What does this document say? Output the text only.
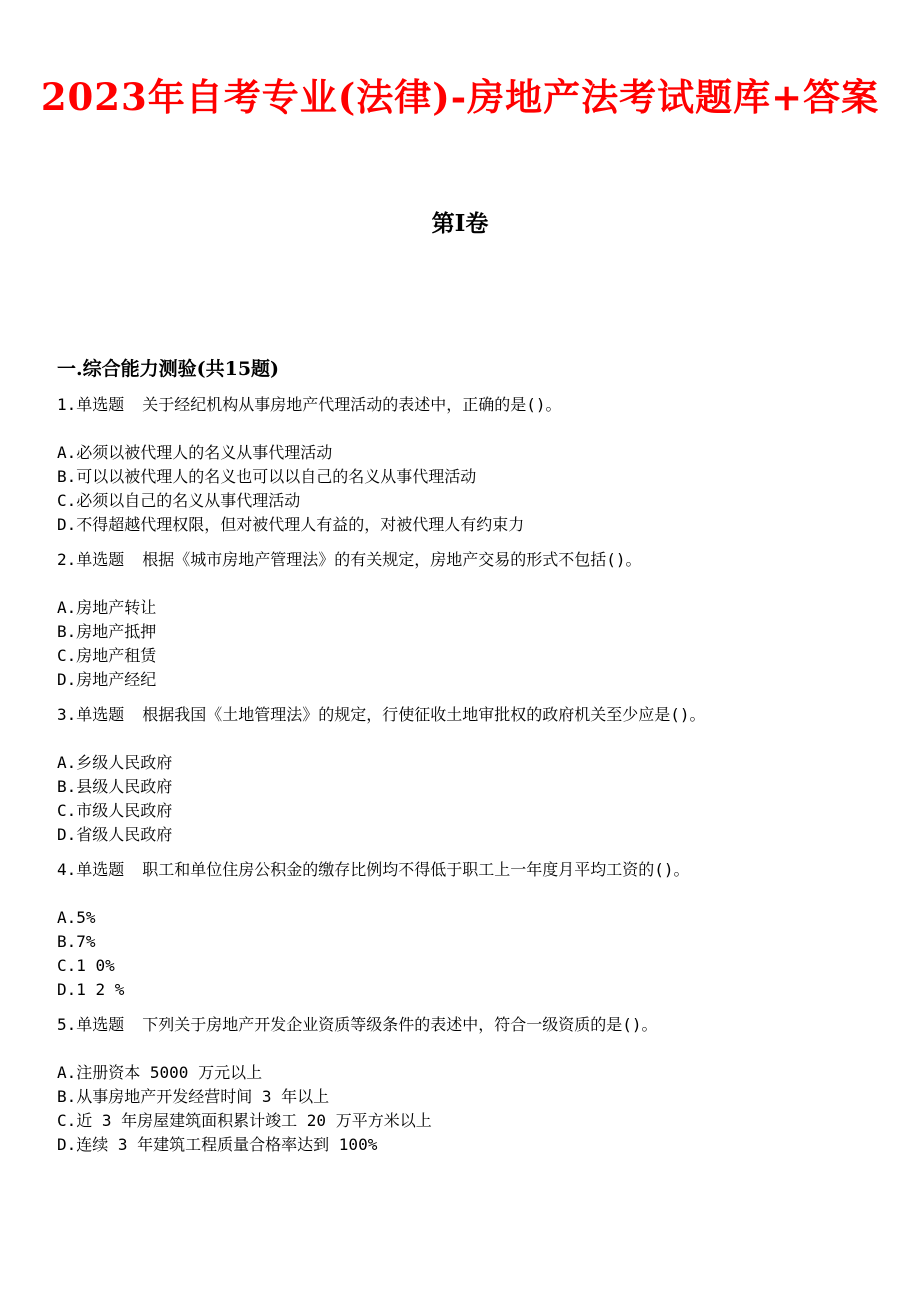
2023年自考专业(法律)-房地产法考试题库+答案
第I卷
一.综合能力测验(共15题)
1.单选题 关于经纪机构从事房地产代理活动的表述中，正确的是()。
A.必须以被代理人的名义从事代理活动
B.可以以被代理人的名义也可以以自己的名义从事代理活动
C.必须以自己的名义从事代理活动
D.不得超越代理权限，但对被代理人有益的，对被代理人有约束力
2.单选题 根据《城市房地产管理法》的有关规定，房地产交易的形式不包括()。
A.房地产转让
B.房地产抵押
C.房地产租赁
D.房地产经纪
3.单选题 根据我国《土地管理法》的规定，行使征收土地审批权的政府机关至少应是()。
A.乡级人民政府
B.县级人民政府
C.市级人民政府
D.省级人民政府
4.单选题 职工和单位住房公积金的缴存比例均不得低于职工上一年度月平均工资的()。
A.5%
B.7%
C.1 0%
D.1 2 %
5.单选题 下列关于房地产开发企业资质等级条件的表述中，符合一级资质的是()。
A.注册资本 5000 万元以上
B.从事房地产开发经营时间 3 年以上
C.近 3 年房屋建筑面积累计竣工 20 万平方米以上
D.连续 3 年建筑工程质量合格率达到 100%
